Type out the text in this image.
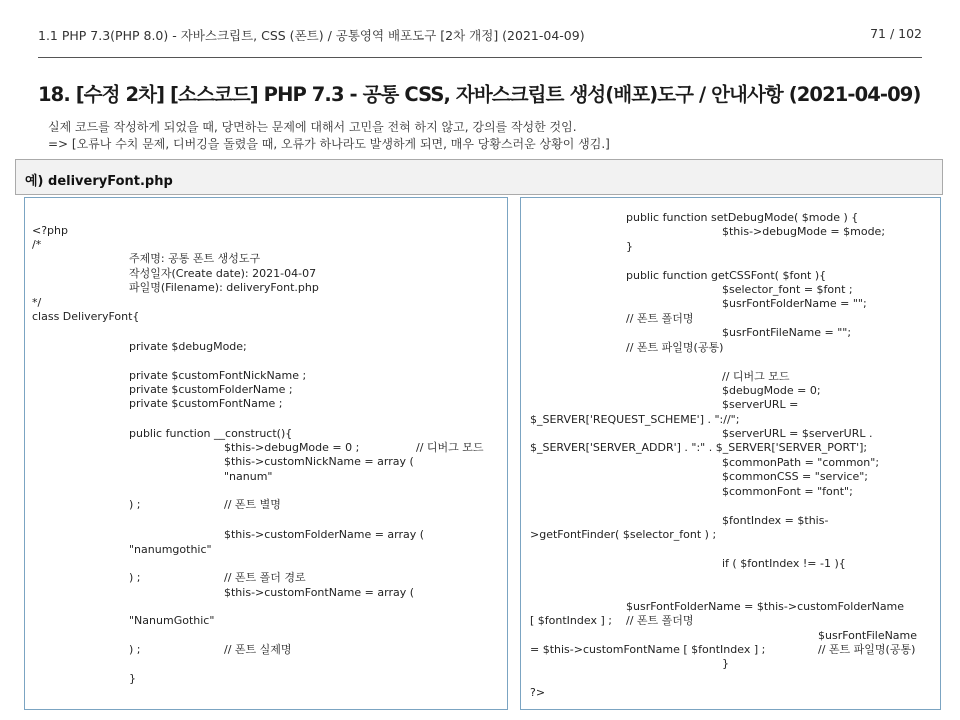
1.1 PHP 7.3(PHP 8.0) - 자바스크립트, CSS (폰트) / 공통영역 배포도구 [2차 개정] (2021-04-09)	71 / 102
18. [수정 2차] [소스코드] PHP 7.3 - 공통 CSS, 자바스크립트 생성(배포)도구 / 안내사항 (2021-04-09)
실제 코드를 작성하게 되었을 때, 당면하는 문제에 대해서 고민을 전혀 하지 않고, 강의를 작성한 것임.
=> [오류나 수치 문제, 디버깅을 돌렸을 때, 오류가 하나라도 발생하게 되면, 매우 당황스러운 상황이 생김.]
예) deliveryFont.php
<?php
/*
주제명: 공통 폰트 생성도구
작성일자(Create date): 2021-04-07
파일명(Filename): deliveryFont.php
*/
class DeliveryFont{
private $debugMode;
private $customFontNickName ;
private $customFolderName ;
private $customFontName ;
public function __construct(){
$this->debugMode = 0 ;	// 디버그 모드
$this->customNickName = array (
"nanum"
) ;	// 폰트 별명
$this->customFolderName = array (
"nanumgothic"
) ;	// 폰트 폴더 경로
$this->customFontName = array (
"NanumGothic"
) ;	// 폰트 실제명
}
public function setDebugMode( $mode ) {
$this->debugMode = $mode;
}
public function getCSSFont( $font ){
$selector_font = $font ;
$usrFontFolderName = "";
// 폰트 폴더명
$usrFontFileName = "";
// 폰트 파일명(공통)
// 디버그 모드
$debugMode = 0;
$serverURL =
$_SERVER['REQUEST_SCHEME'] . "://";
$serverURL = $serverURL .
$_SERVER['SERVER_ADDR'] . ":" . $_SERVER['SERVER_PORT'];
$commonPath = "common";
$commonCSS = "service";
$commonFont = "font";
$fontIndex = $this-
>getFontFinder( $selector_font ) ;
if ( $fontIndex != -1 ){
$usrFontFolderName = $this->customFolderName
[ $fontIndex ] ; // 폰트 폴더명
$usrFontFileName
= $this->customFontName [ $fontIndex ] ;	// 폰트 파일명(공통)
}
?>
